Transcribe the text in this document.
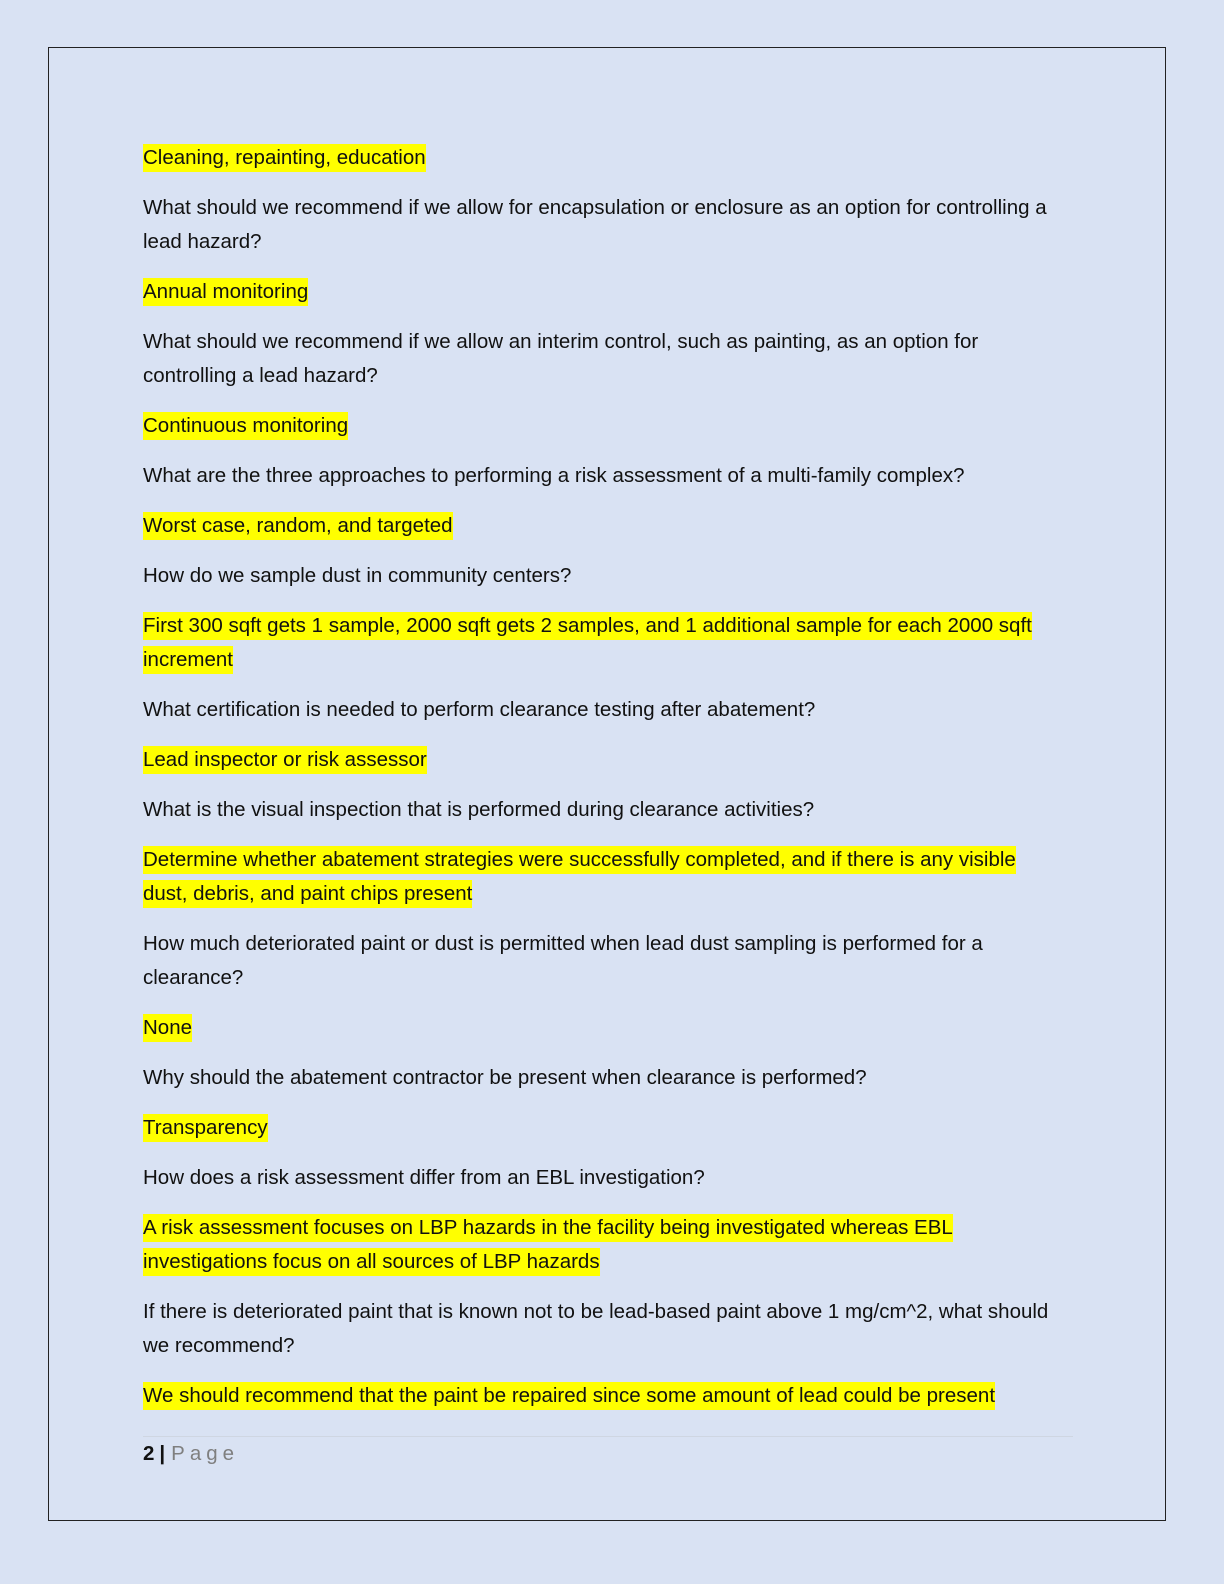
Cleaning, repainting, education

What should we recommend if we allow for encapsulation or enclosure as an option for controlling a lead hazard?

Annual monitoring

What should we recommend if we allow an interim control, such as painting, as an option for controlling a lead hazard?

Continuous monitoring

What are the three approaches to performing a risk assessment of a multi-family complex?

Worst case, random, and targeted

How do we sample dust in community centers?

First 300 sqft gets 1 sample, 2000 sqft gets 2 samples, and 1 additional sample for each 2000 sqft increment

What certification is needed to perform clearance testing after abatement?

Lead inspector or risk assessor

What is the visual inspection that is performed during clearance activities?

Determine whether abatement strategies were successfully completed, and if there is any visible dust, debris, and paint chips present

How much deteriorated paint or dust is permitted when lead dust sampling is performed for a clearance?

None

Why should the abatement contractor be present when clearance is performed?

Transparency

How does a risk assessment differ from an EBL investigation?

A risk assessment focuses on LBP hazards in the facility being investigated whereas EBL investigations focus on all sources of LBP hazards

If there is deteriorated paint that is known not to be lead-based paint above 1 mg/cm^2, what should we recommend?

We should recommend that the paint be repaired since some amount of lead could be present

2 | Page
